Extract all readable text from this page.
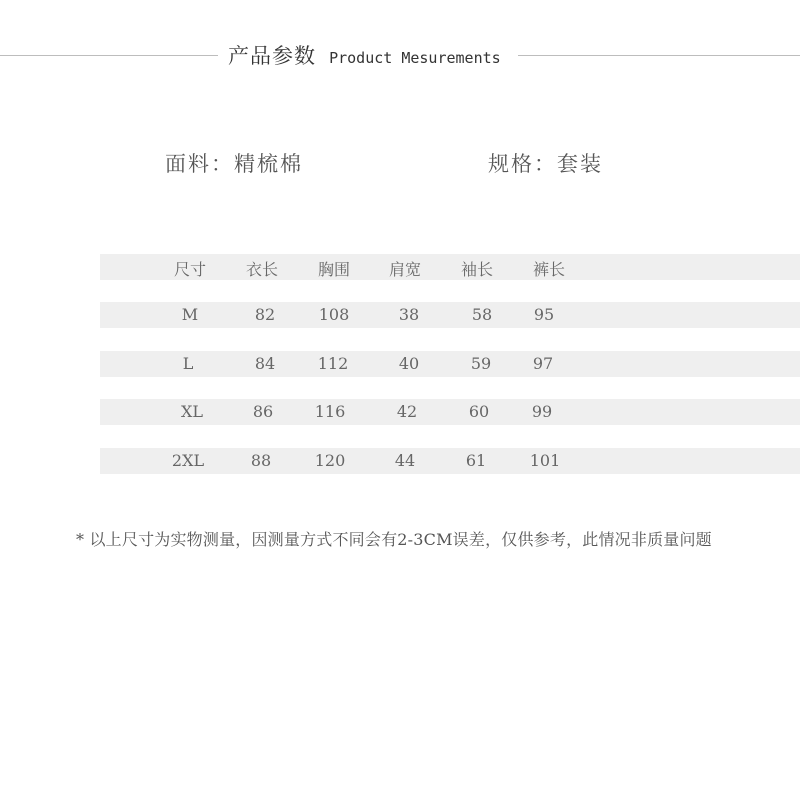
产品参数 Product Mesurements
面料：精梳棉	规格：套装
尺寸 衣长 胸围 肩宽 袖长 裤长
M	82	108	38	58	95
L	84	112	40	59	97
XL	86	116	42	60	99
2XL	88	120	44	61	101
* 以上尺寸为实物测量，因测量方式不同会有2-3CM误差，仅供参考，此情况非质量问题
